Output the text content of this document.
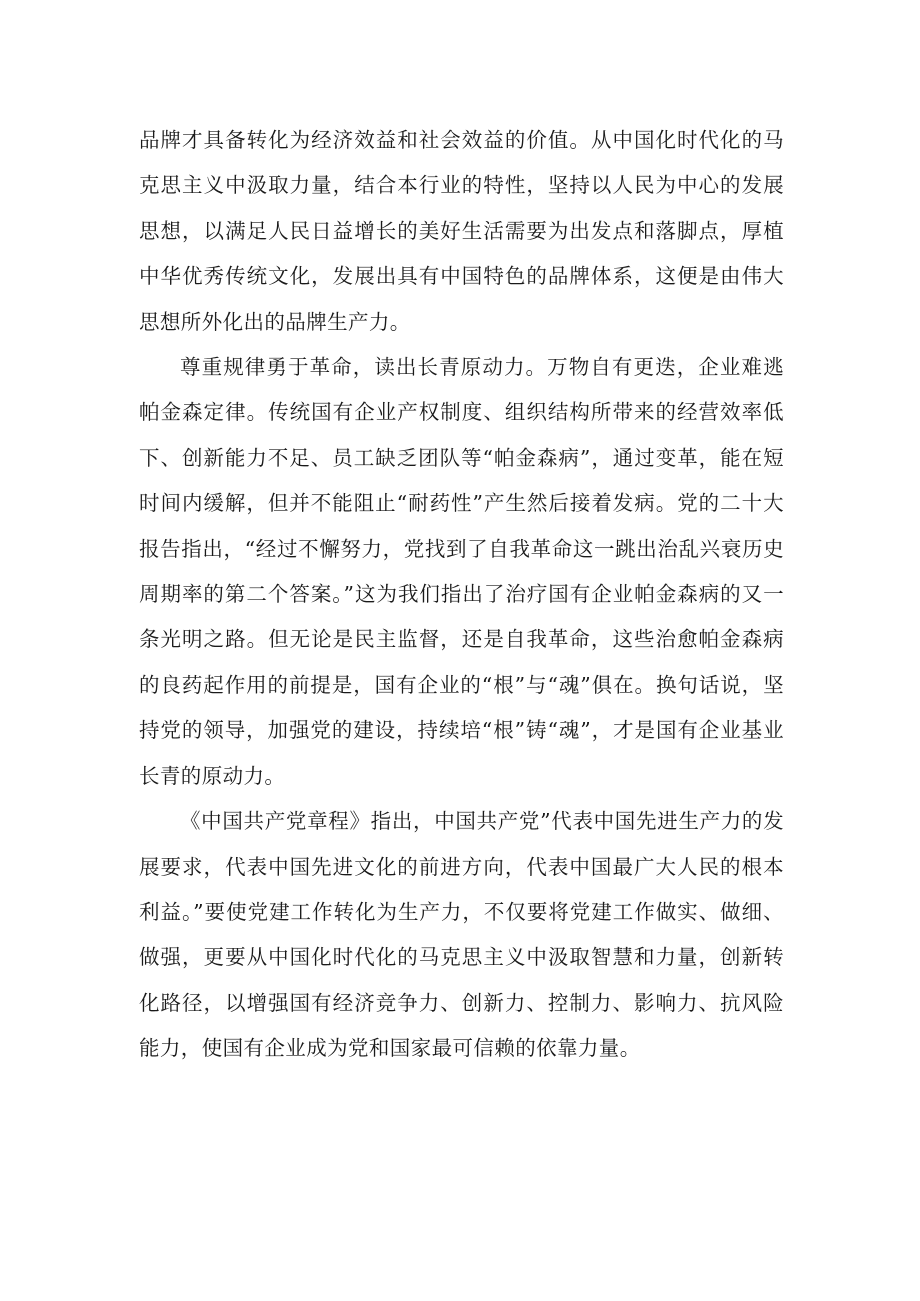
品牌才具备转化为经济效益和社会效益的价值。从中国化时代化的马克思主义中汲取力量，结合本行业的特性，坚持以人民为中心的发展思想，以满足人民日益增长的美好生活需要为出发点和落脚点，厚植中华优秀传统文化，发展出具有中国特色的品牌体系，这便是由伟大思想所外化出的品牌生产力。

尊重规律勇于革命，读出长青原动力。万物自有更迭，企业难逃帕金森定律。传统国有企业产权制度、组织结构所带来的经营效率低下、创新能力不足、员工缺乏团队等“帕金森病”，通过变革，能在短时间内缓解，但并不能阻止“耐药性”产生然后接着发病。党的二十大报告指出，“经过不懈努力，党找到了自我革命这一跳出治乱兴衰历史周期率的第二个答案。”这为我们指出了治疗国有企业帕金森病的又一条光明之路。但无论是民主监督，还是自我革命，这些治愈帕金森病的良药起作用的前提是，国有企业的“根”与“魂”俱在。换句话说，坚持党的领导，加强党的建设，持续培“根”铸“魂”，才是国有企业基业长青的原动力。

《中国共产党章程》指出，中国共产党”代表中国先进生产力的发展要求，代表中国先进文化的前进方向，代表中国最广大人民的根本利益。”要使党建工作转化为生产力，不仅要将党建工作做实、做细、做强，更要从中国化时代化的马克思主义中汲取智慧和力量，创新转化路径，以增强国有经济竞争力、创新力、控制力、影响力、抗风险能力，使国有企业成为党和国家最可信赖的依靠力量。
